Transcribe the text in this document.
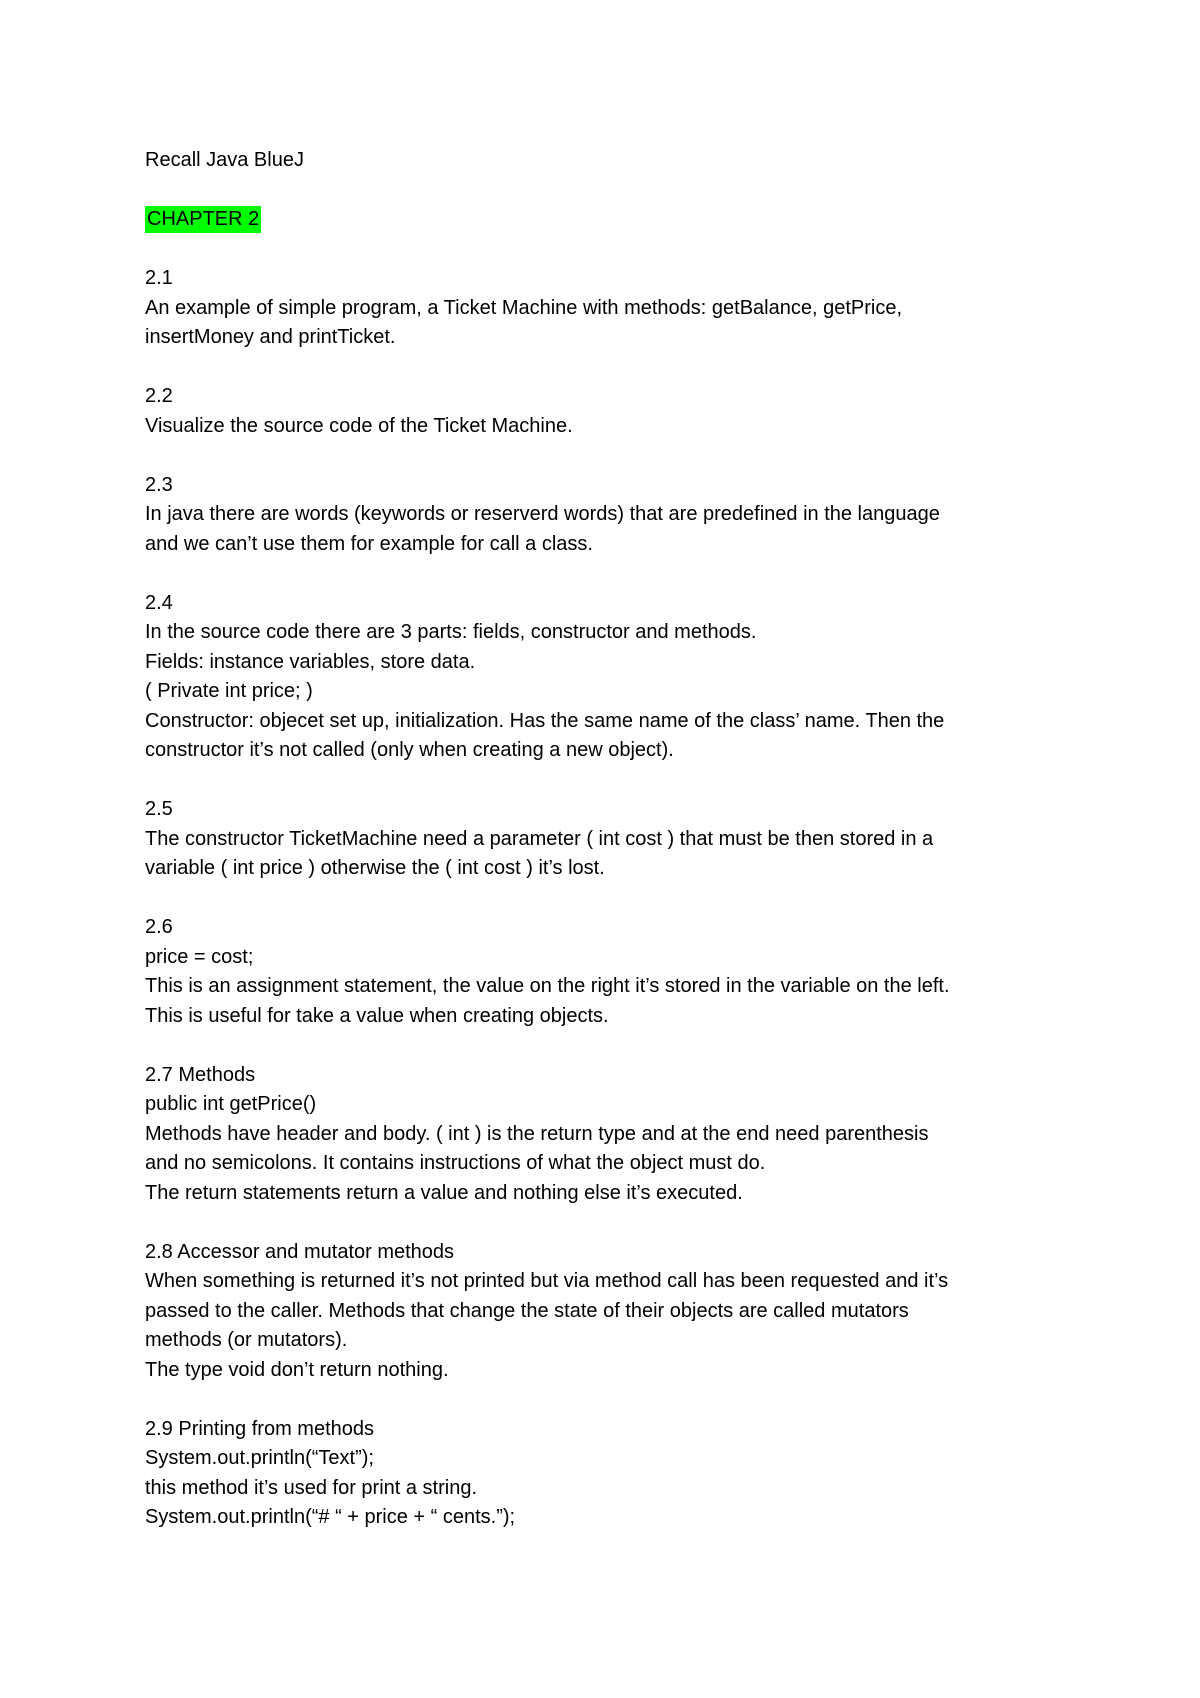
Recall Java BlueJ

CHAPTER 2

2.1

An example of simple program, a Ticket Machine with methods: getBalance, getPrice,

insertMoney and printTicket.

2.2

Visualize the source code of the Ticket Machine.

2.3

In java there are words (keywords or reserverd words) that are predefined in the language

and we can’t use them for example for call a class.

2.4

In the source code there are 3 parts: fields, constructor and methods.

Fields: instance variables, store data.

( Private int price; )

Constructor: objecet set up, initialization. Has the same name of the class’ name. Then the

constructor it’s not called (only when creating a new object).

2.5

The constructor TicketMachine need a parameter ( int cost ) that must be then stored in a

variable ( int price ) otherwise the ( int cost ) it’s lost.

2.6

price = cost;

This is an assignment statement, the value on the right it’s stored in the variable on the left.

This is useful for take a value when creating objects.

2.7 Methods

public int getPrice()

Methods have header and body. ( int ) is the return type and at the end need parenthesis

and no semicolons. It contains instructions of what the object must do.

The return statements return a value and nothing else it’s executed.

2.8 Accessor and mutator methods

When something is returned it’s not printed but via method call has been requested and it’s

passed to the caller. Methods that change the state of their objects are called mutators

methods (or mutators).

The type void don’t return nothing.

2.9 Printing from methods

System.out.println(“Text”);

this method it’s used for print a string.

System.out.println(“# “ + price + “ cents.”);
